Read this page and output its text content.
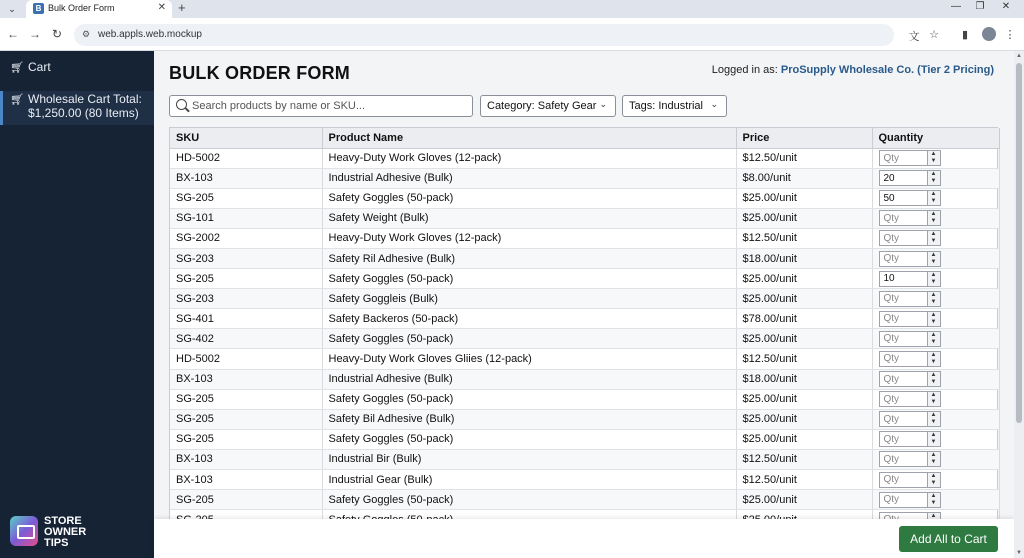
⌄	B Bulk Order Form	✕ +	—	❐	✕
← → ↻ ⚙ web.appls.web.mockup	文 ☆	▮	⋮
🛒︎ Cart
🛒︎ Wholesale Cart Total:
$1,250.00 (80 Items)
STORE
OWNER
TIPS
BULK ORDER FORM	Logged in as: ProSupply Wholesale Co. (Tier 2 Pricing)
Search products by name or SKU...
Category: Safety Gear ⌄ Tags: Industrial ⌄
SKU	Product Name	Price	Quantity
HD-5002	Heavy-Duty Work Gloves (12-pack)	$12.50/unit	
Qty▲
▼

BX-103	Industrial Adhesive (Bulk)	$8.00/unit	
20▲
▼

SG-205	Safety Goggles (50-pack)	$25.00/unit	
50▲
▼

SG-101	Safety Weight (Bulk)	$25.00/unit	
Qty▲
▼

SG-2002	Heavy-Duty Work Gloves (12-pack)	$12.50/unit	
Qty▲
▼

SG-203	Safety Ril Adhesive (Bulk)	$18.00/unit	
Qty▲
▼

SG-205	Safety Goggles (50-pack)	$25.00/unit	
10▲
▼

SG-203	Safety Goggleis (Bulk)	$25.00/unit	
Qty▲
▼

SG-401	Safety Backeros (50-pack)	$78.00/unit	
Qty▲
▼

SG-402	Safety Goggles (50-pack)	$25.00/unit	
Qty▲
▼

HD-5002	Heavy-Duty Work Gloves Gliies (12-pack)	$12.50/unit	
Qty▲
▼

BX-103	Industrial Adhesive (Bulk)	$18.00/unit	
Qty▲
▼

SG-205	Safety Goggles (50-pack)	$25.00/unit	
Qty▲
▼

SG-205	Safety Bil Adhesive (Bulk)	$25.00/unit	
Qty▲
▼

SG-205	Safety Goggles (50-pack)	$25.00/unit	
Qty▲
▼

BX-103	Industrial Bir (Bulk)	$12.50/unit	
Qty▲
▼

BX-103	Industrial Gear (Bulk)	$12.50/unit	
Qty▲
▼

SG-205	Safety Goggles (50-pack)	$25.00/unit	
Qty▲
▼

Qty
▲

Add All to Cart
▲
▼
